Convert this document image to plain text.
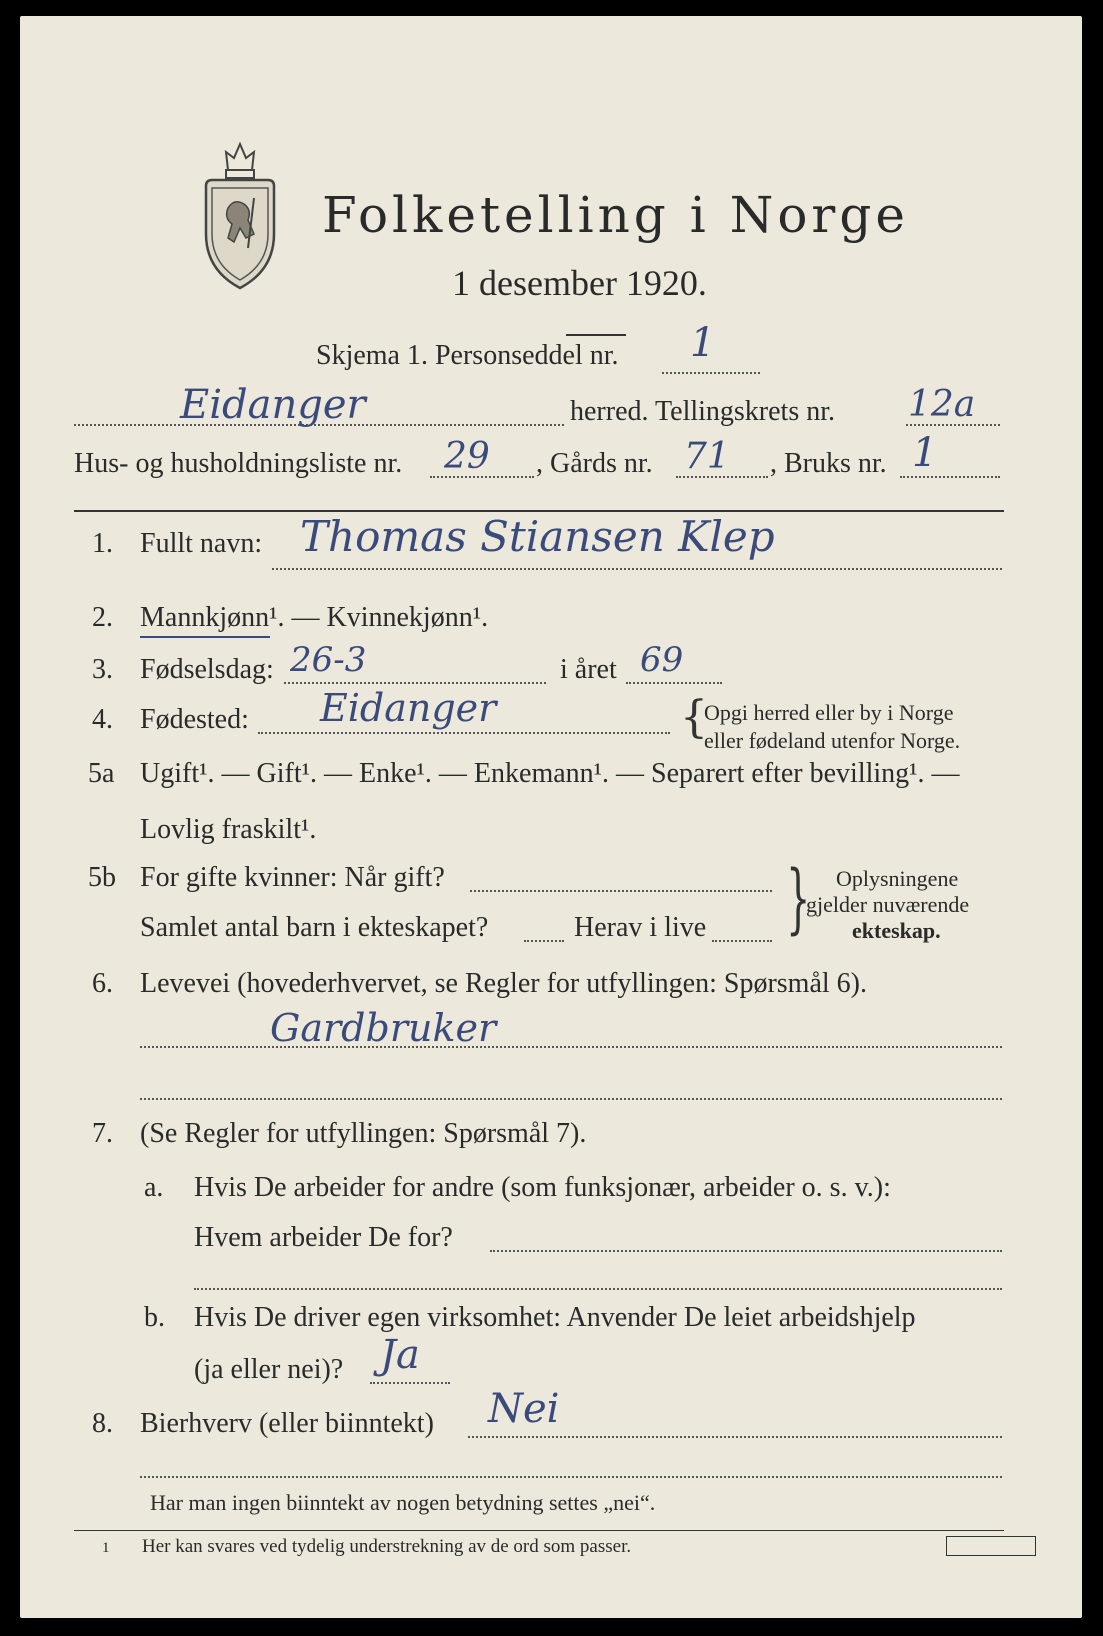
Folketelling i Norge
1 desember 1920.
Skjema 1. Personseddel nr. 1
Eidanger	herred. Tellingskrets nr. 12a
Hus- og husholdningsliste nr. 29 , Gårds nr. 71 , Bruks nr. 1
1. Fullt navn: Thomas Stiansen Klep
2. Mannkjønn¹. — Kvinnekjønn¹.
3. Fødselsdag: 26-3	i året 69
4. Fødested: Eidanger	{
Opgi herred eller by i Norge
eller fødeland utenfor Norge.
5a Ugift¹. — Gift¹. — Enke¹. — Enkemann¹. — Separert efter bevilling¹. —
Lovlig fraskilt¹.
5b For gifte kvinner: Når gift?
Samlet antal barn i ekteskapet?	Herav i live } Oplysningene
gjelder nuværende
ekteskap.
6. Levevei (hovederhvervet, se Regler for utfyllingen: Spørsmål 6).
Gardbruker
7. (Se Regler for utfyllingen: Spørsmål 7).
a. Hvis De arbeider for andre (som funksjonær, arbeider o. s. v.):
Hvem arbeider De for?
b. Hvis De driver egen virksomhet: Anvender De leiet arbeidshjelp
(ja eller nei)? Ja
8. Bierhverv (eller biinntekt) Nei
Har man ingen biinntekt av nogen betydning settes „nei“.
1 Her kan svares ved tydelig understrekning av de ord som passer.
